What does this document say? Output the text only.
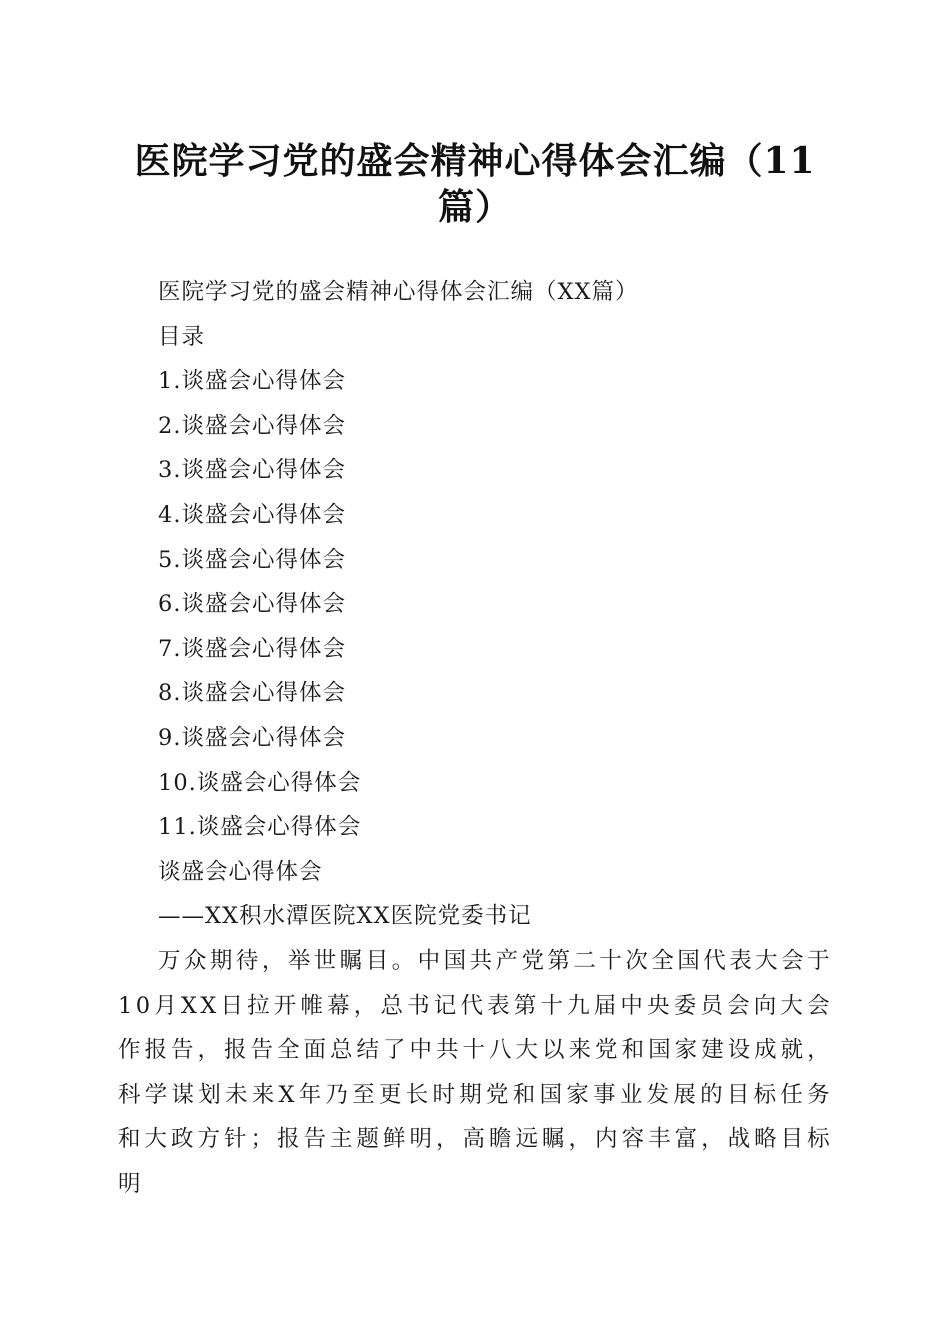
医院学习党的盛会精神心得体会汇编（11
篇）
医院学习党的盛会精神心得体会汇编（XX篇）
目录
1.谈盛会心得体会
2.谈盛会心得体会
3.谈盛会心得体会
4.谈盛会心得体会
5.谈盛会心得体会
6.谈盛会心得体会
7.谈盛会心得体会
8.谈盛会心得体会
9.谈盛会心得体会
10.谈盛会心得体会
11.谈盛会心得体会
谈盛会心得体会
——XX积水潭医院XX医院党委书记

万众期待，举世瞩目。中国共产党第二十次全国代表大会于10月XX日拉开帷幕，总书记代表第十九届中央委员会向大会作报告，报告全面总结了中共十八大以来党和国家建设成就，科学谋划未来X年乃至更长时期党和国家事业发展的目标任务和大政方针；报告主题鲜明，高瞻远瞩，内容丰富，战略目标明
